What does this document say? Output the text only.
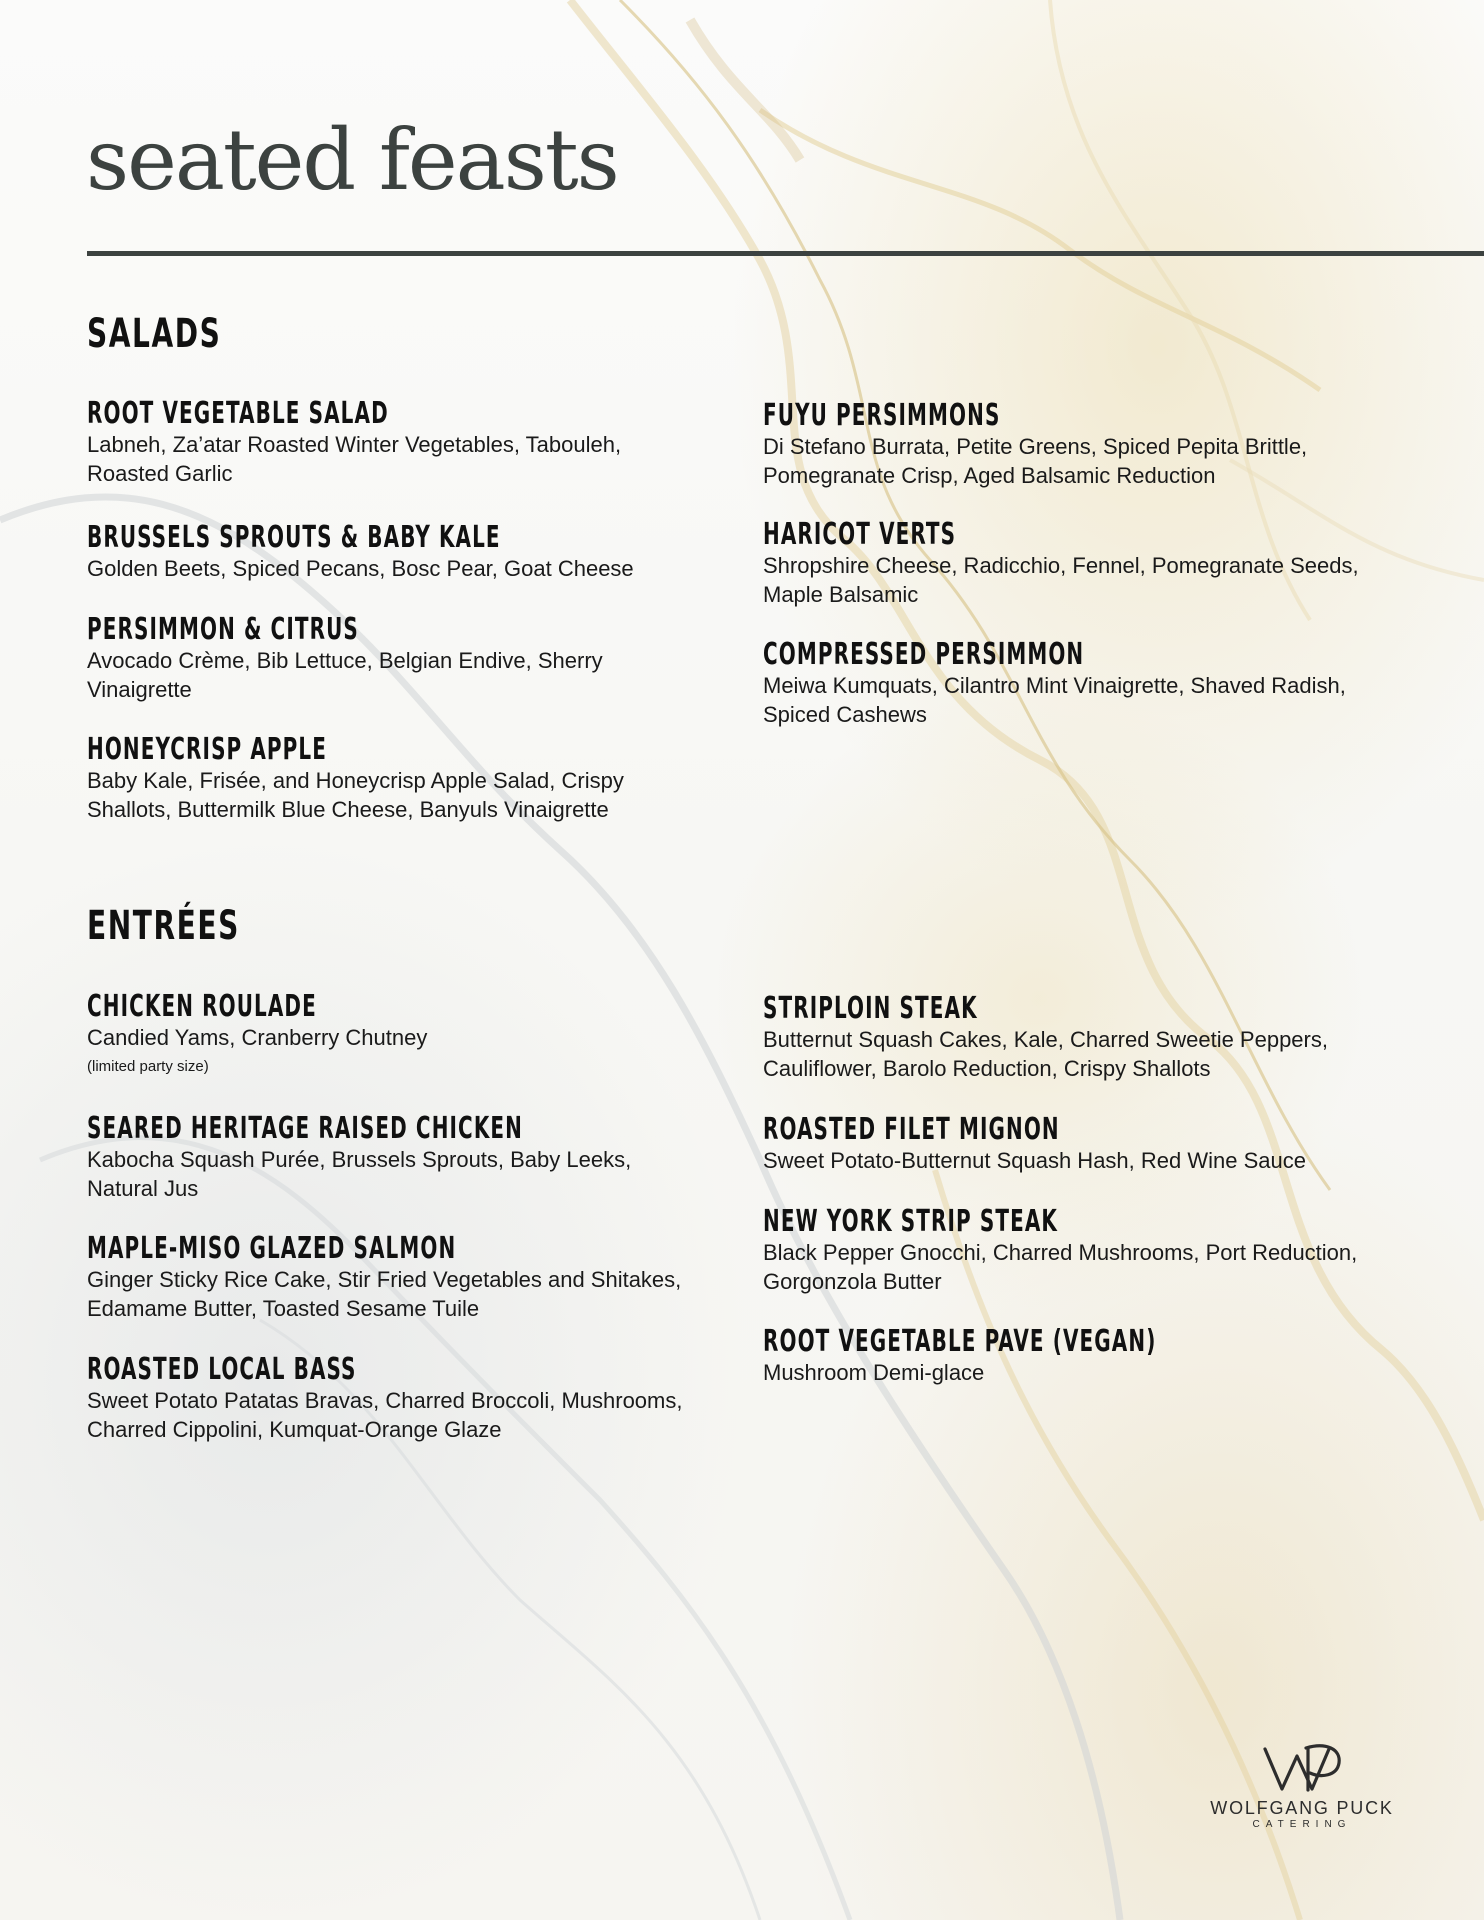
seated feasts
SALADS
ROOT VEGETABLE SALAD
Labneh, Za’atar Roasted Winter Vegetables, Tabouleh, Roasted Garlic
BRUSSELS SPROUTS & BABY KALE
Golden Beets, Spiced Pecans, Bosc Pear, Goat Cheese
PERSIMMON & CITRUS
Avocado Crème, Bib Lettuce, Belgian Endive, Sherry Vinaigrette
HONEYCRISP APPLE
Baby Kale, Frisée, and Honeycrisp Apple Salad, Crispy Shallots, Buttermilk Blue Cheese, Banyuls Vinaigrette
FUYU PERSIMMONS
Di Stefano Burrata, Petite Greens, Spiced Pepita Brittle, Pomegranate Crisp, Aged Balsamic Reduction
HARICOT VERTS
Shropshire Cheese, Radicchio, Fennel, Pomegranate Seeds, Maple Balsamic
COMPRESSED PERSIMMON
Meiwa Kumquats, Cilantro Mint Vinaigrette, Shaved Radish, Spiced Cashews
ENTRÉES
CHICKEN ROULADE
Candied Yams, Cranberry Chutney
(limited party size)
SEARED HERITAGE RAISED CHICKEN
Kabocha Squash Purée, Brussels Sprouts, Baby Leeks, Natural Jus
MAPLE-MISO GLAZED SALMON
Ginger Sticky Rice Cake, Stir Fried Vegetables and Shitakes, Edamame Butter, Toasted Sesame Tuile
ROASTED LOCAL BASS
Sweet Potato Patatas Bravas, Charred Broccoli, Mushrooms, Charred Cippolini, Kumquat-Orange Glaze
STRIPLOIN STEAK
Butternut Squash Cakes, Kale, Charred Sweetie Peppers, Cauliflower, Barolo Reduction, Crispy Shallots
ROASTED FILET MIGNON
Sweet Potato-Butternut Squash Hash, Red Wine Sauce
NEW YORK STRIP STEAK
Black Pepper Gnocchi, Charred Mushrooms, Port Reduction, Gorgonzola Butter
ROOT VEGETABLE PAVE (VEGAN)
Mushroom Demi-glace
WOLFGANG PUCK
CATERING
